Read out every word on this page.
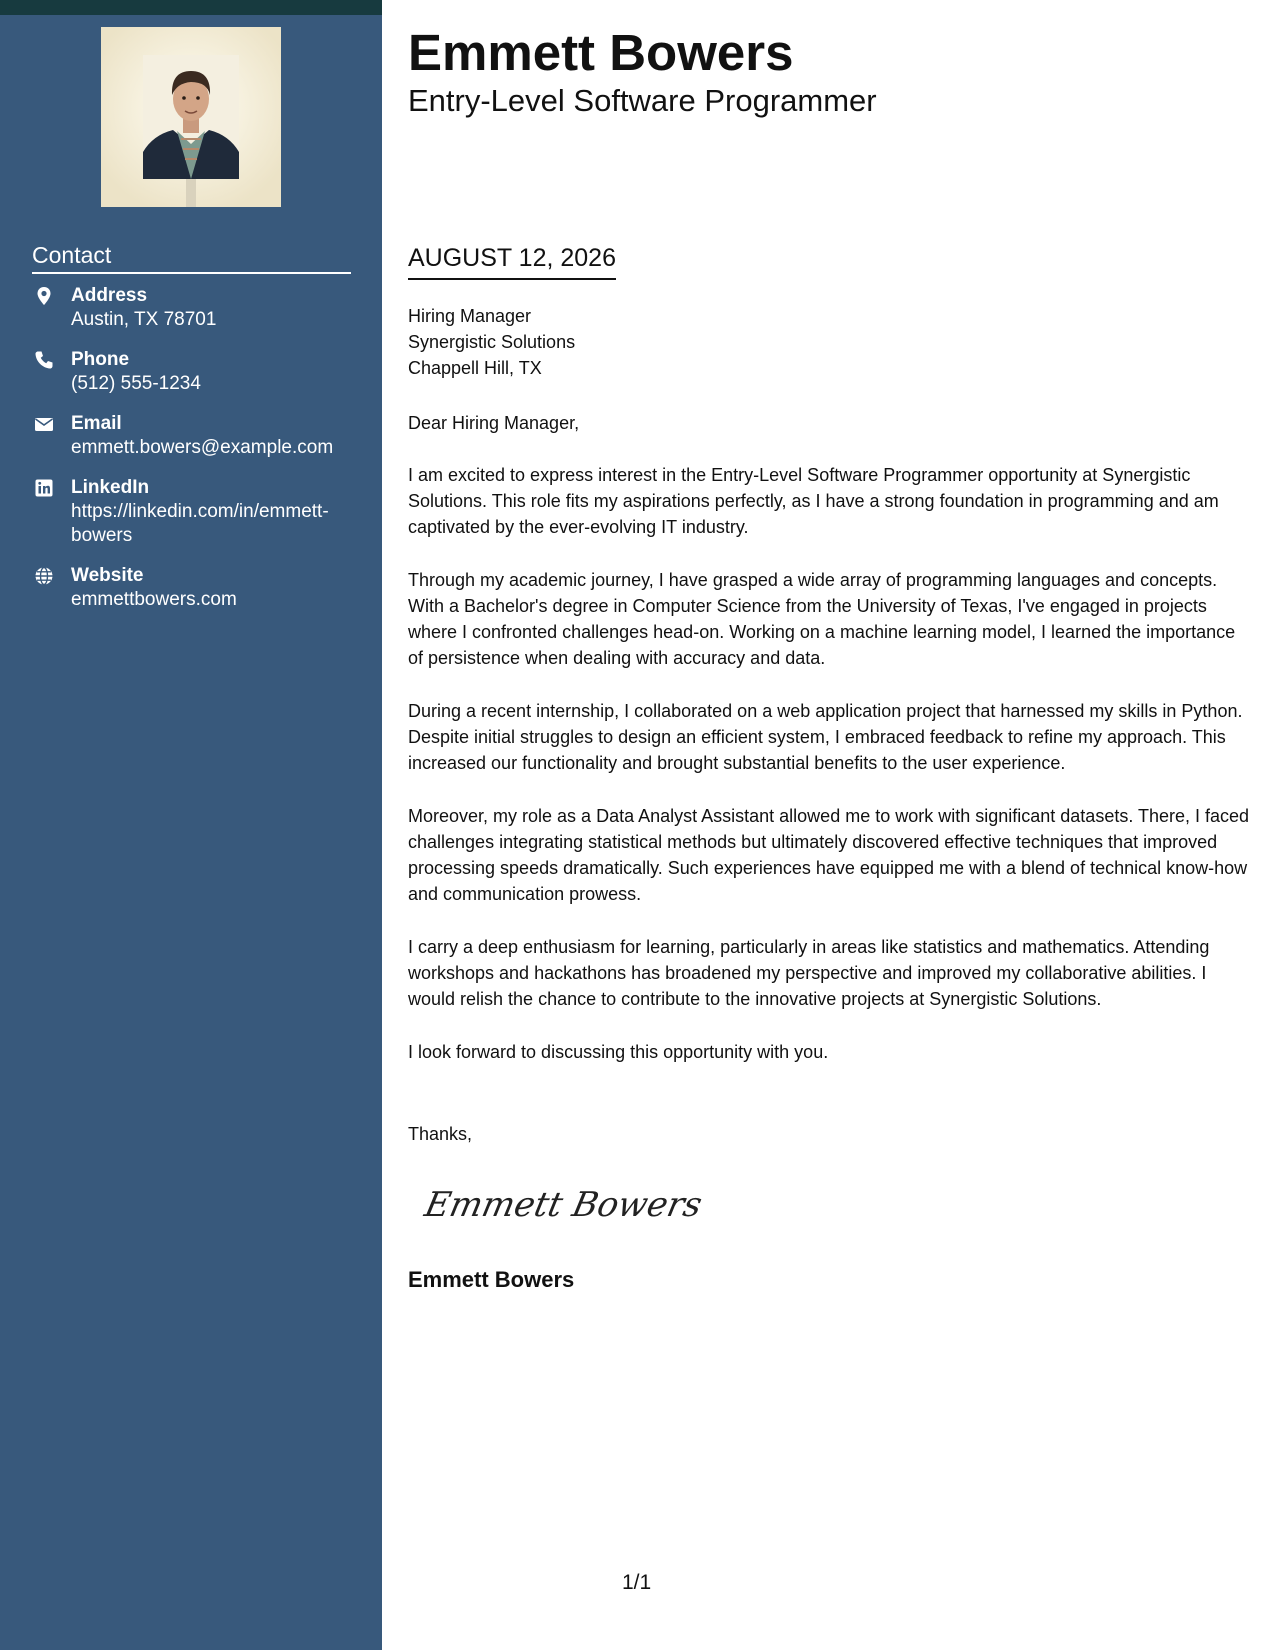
Contact
Address
Austin, TX 78701
Phone
(512) 555-1234
Email
emmett.bowers@example.com
LinkedIn
https://linkedin.com/in/emmett-bowers
Website
emmettbowers.com
Emmett Bowers
Entry-Level Software Programmer
AUGUST 12, 2026
Hiring Manager
Synergistic Solutions
Chappell Hill, TX
Dear Hiring Manager,

I am excited to express interest in the Entry-Level Software Programmer opportunity at Synergistic Solutions. This role fits my aspirations perfectly, as I have a strong foundation in programming and am captivated by the ever-evolving IT industry.

Through my academic journey, I have grasped a wide array of programming languages and concepts. With a Bachelor's degree in Computer Science from the University of Texas, I've engaged in projects where I confronted challenges head-on. Working on a machine learning model, I learned the importance of persistence when dealing with accuracy and data.

During a recent internship, I collaborated on a web application project that harnessed my skills in Python. Despite initial struggles to design an efficient system, I embraced feedback to refine my approach. This increased our functionality and brought substantial benefits to the user experience.

Moreover, my role as a Data Analyst Assistant allowed me to work with significant datasets. There, I faced challenges integrating statistical methods but ultimately discovered effective techniques that improved processing speeds dramatically. Such experiences have equipped me with a blend of technical know-how and communication prowess.

I carry a deep enthusiasm for learning, particularly in areas like statistics and mathematics. Attending workshops and hackathons has broadened my perspective and improved my collaborative abilities. I would relish the chance to contribute to the innovative projects at Synergistic Solutions.

I look forward to discussing this opportunity with you.

Thanks,
Emmett Bowers
Emmett Bowers
1/1
